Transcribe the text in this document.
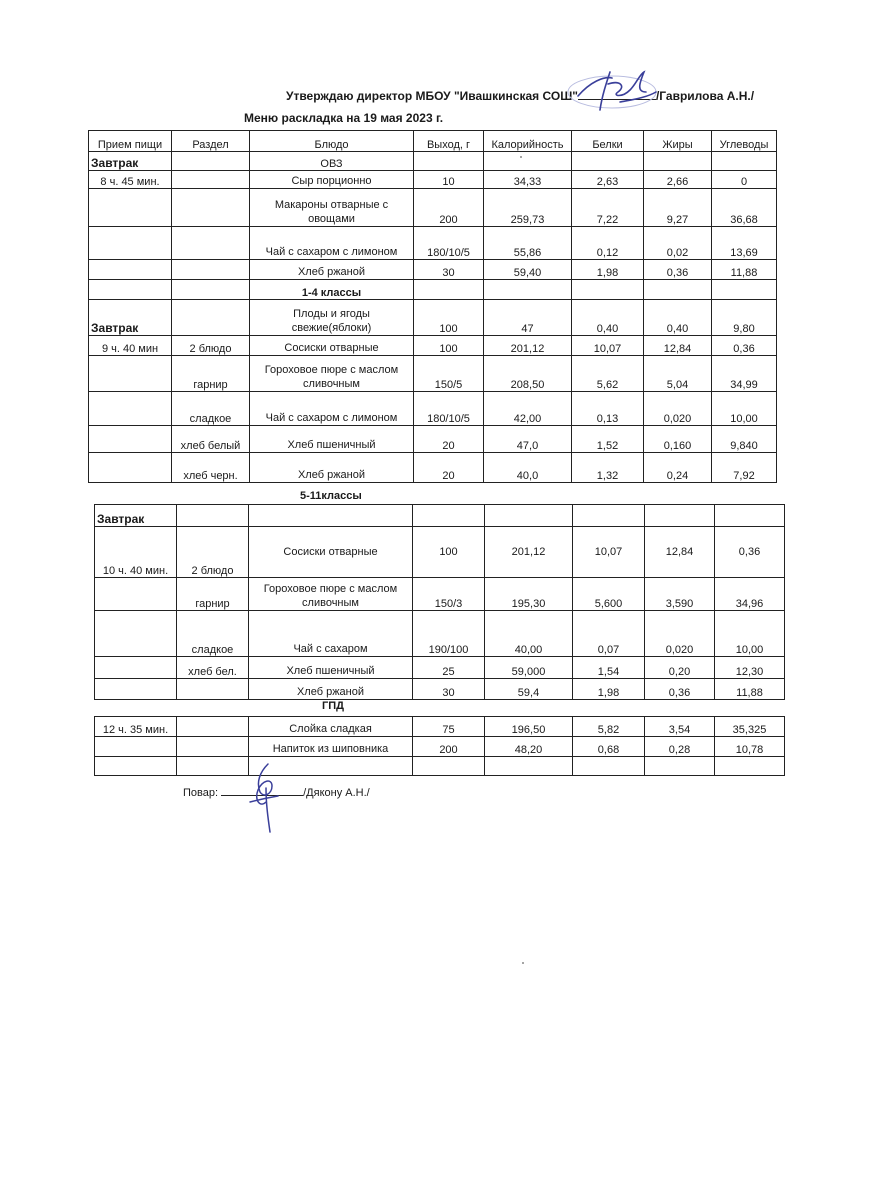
Утверждаю директор МБОУ "Ивашкинская СОШ"	/Гаврилова А.Н./
Меню раскладка на 19 мая 2023 г.
Прием пищи	Раздел	Блюдо	Выход, г	Калорийность	Белки	Жиры	Углеводы
Завтрак		ОВЗ					
8 ч. 45 мин.		Сыр порционно	10	34,33	2,63	2,66	0
		Макароны отварные с овощами	200	259,73	7,22	9,27	36,68
		Чай с сахаром с лимоном	180/10/5	55,86	0,12	0,02	13,69
		Хлеб ржаной	30	59,40	1,98	0,36	11,88
		1-4 классы					
Завтрак		Плоды и ягоды свежие(яблоки)	100	47	0,40	0,40	9,80
9 ч. 40 мин	2 блюдо	Сосиски отварные	100	201,12	10,07	12,84	0,36
	гарнир	Гороховое пюре с маслом сливочным	150/5	208,50	5,62	5,04	34,99
	сладкое	Чай с сахаром с лимоном	180/10/5	42,00	0,13	0,020	10,00
	хлеб белый	Хлеб пшеничный	20	47,0	1,52	0,160	9,840
	хлеб черн.	Хлеб ржаной	20	40,0	1,32	0,24	7,92
5-11классы
Завтрак							
10 ч. 40 мин.	2 блюдо	Сосиски отварные	100	201,12	10,07	12,84	0,36
	гарнир	Гороховое пюре с маслом сливочным	150/3	195,30	5,600	3,590	34,96
	сладкое	Чай с сахаром	190/100	40,00	0,07	0,020	10,00
	хлеб бел.	Хлеб пшеничный	25	59,000	1,54	0,20	12,30
		Хлеб ржаной	30	59,4	1,98	0,36	11,88
ГПД
12 ч. 35 мин.		Слойка сладкая	75	196,50	5,82	3,54	35,325
		Напиток из шиповника	200	48,20	0,68	0,28	10,78

Повар:	/Дякону А.Н./
